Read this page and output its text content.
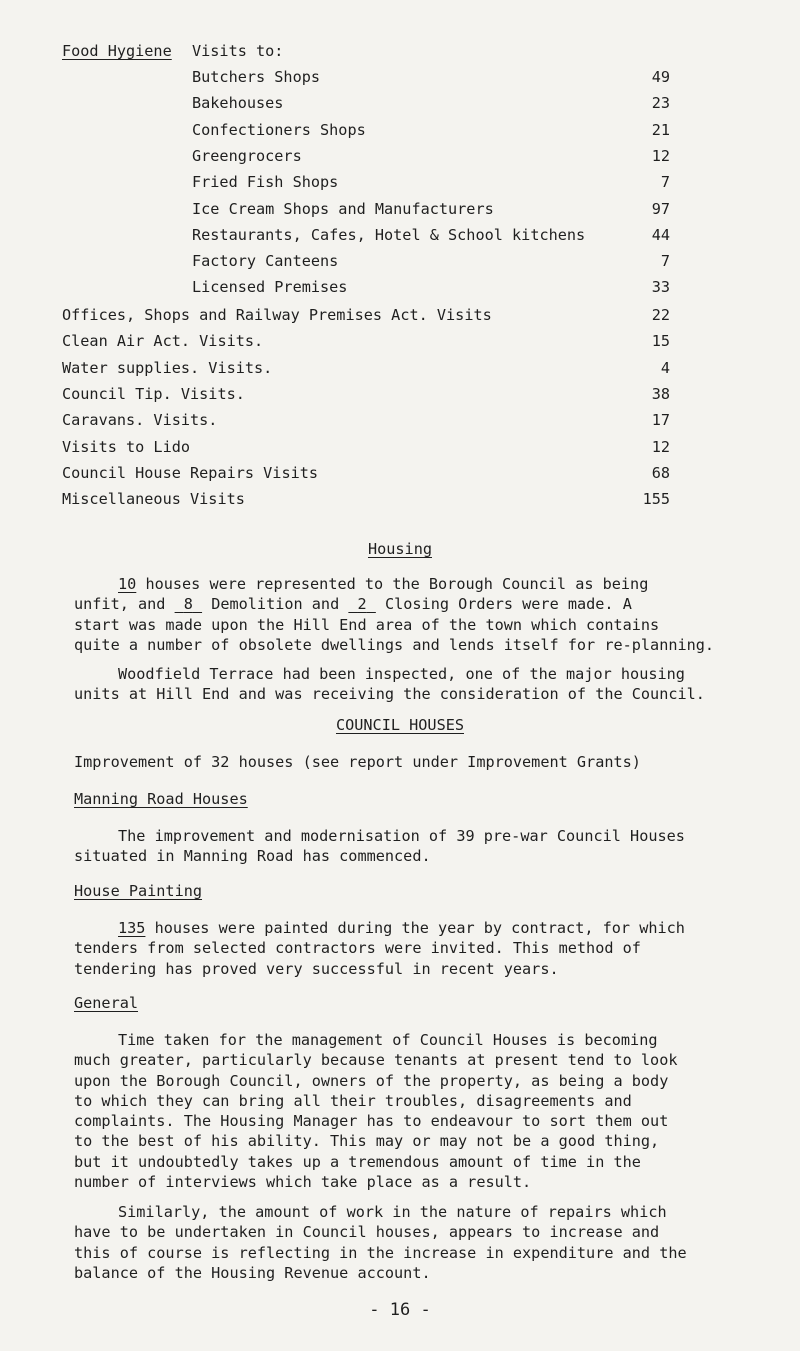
Food Hygiene Visits to:
Butchers Shops	49
Bakehouses	23
Confectioners Shops	21
Greengrocers	12
Fried Fish Shops	7
Ice Cream Shops and Manufacturers	97
Restaurants, Cafes, Hotel & School kitchens	44
Factory Canteens	7
Licensed Premises	33
Offices, Shops and Railway Premises Act. Visits	22
Clean Air Act. Visits.	15
Water supplies. Visits.	4
Council Tip. Visits.	38
Caravans. Visits.	17
Visits to Lido	12
Council House Repairs Visits	68
Miscellaneous Visits	155
Housing
10 houses were represented to the Borough Council as being
unfit, and  8  Demolition and  2  Closing Orders were made. A
start was made upon the Hill End area of the town which contains
quite a number of obsolete dwellings and lends itself for re-planning.
Woodfield Terrace had been inspected, one of the major housing
units at Hill End and was receiving the consideration of the Council.
COUNCIL HOUSES
Improvement of 32 houses (see report under Improvement Grants)
Manning Road Houses
The improvement and modernisation of 39 pre-war Council Houses
situated in Manning Road has commenced.
House Painting
135 houses were painted during the year by contract, for which
tenders from selected contractors were invited. This method of
tendering has proved very successful in recent years.
General
Time taken for the management of Council Houses is becoming
much greater, particularly because tenants at present tend to look
upon the Borough Council, owners of the property, as being a body
to which they can bring all their troubles, disagreements and
complaints. The Housing Manager has to endeavour to sort them out
to the best of his ability. This may or may not be a good thing,
but it undoubtedly takes up a tremendous amount of time in the
number of interviews which take place as a result.
Similarly, the amount of work in the nature of repairs which
have to be undertaken in Council houses, appears to increase and
this of course is reflecting in the increase in expenditure and the
balance of the Housing Revenue account.
- 16 -
